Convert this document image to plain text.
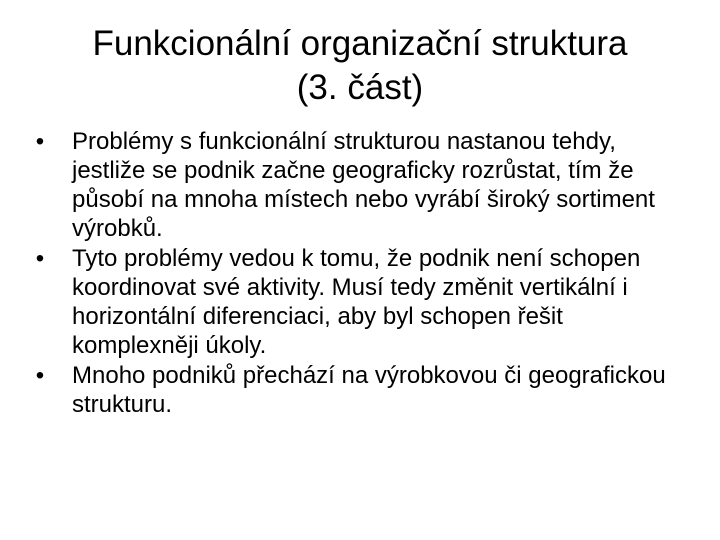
Funkcionální organizační struktura
(3. část)
• Problémy s funkcionální strukturou nastanou tehdy, jestliže se podnik začne geograficky rozrůstat, tím že působí na mnoha místech nebo vyrábí široký sortiment výrobků.
• Tyto problémy vedou k tomu, že podnik není schopen koordinovat své aktivity. Musí tedy změnit vertikální i horizontální diferenciaci, aby byl schopen řešit komplexněji úkoly.
• Mnoho podniků přechází na výrobkovou či geografickou strukturu.
